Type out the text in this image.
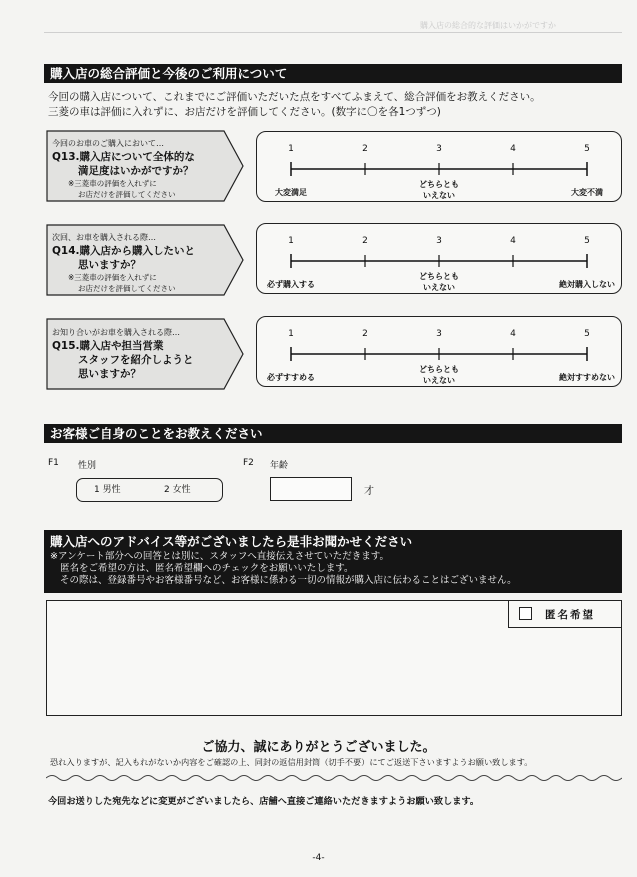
購入店の総合的な評価はいかがですか
購入店の総合評価と今後のご利用について
今回の購入店について、これまでにご評価いただいた点をすべてふまえて、総合評価をお教えください。
三菱の車は評価に入れずに、お店だけを評価してください。(数字に〇を各1つずつ)
今回のお車のご購入において…
Q13.購入店について全体的な
満足度はいかがですか？
※三菱車の評価を入れずに
お店だけを評価してください
1	2	3	4	5
大変満足
どちらとも
いえない	大変不満
次回、お車を購入される際…
Q14.購入店から購入したいと
思いますか？
※三菱車の評価を入れずに
お店だけを評価してください
1	2	3	4	5
必ず購入する
どちらとも
いえない	絶対購入しない
お知り合いがお車を購入される際…
Q15.購入店や担当営業
スタッフを紹介しようと
思いますか？
1	2	3	4	5
必ずすすめる
どちらとも
いえない	絶対すすめない
お客様ご自身のことをお教えください
F1 性別
1 男性	2 女性
F2 年齢
才
購入店へのアドバイス等がございましたら是非お聞かせください
※アンケート部分への回答とは別に、スタッフへ直接伝えさせていただきます。
匿名をご希望の方は、匿名希望欄へのチェックをお願いいたします。
その際は、登録番号やお客様番号など、お客様に係わる一切の情報が購入店に伝わることはございません。
匿名希望
ご協力、誠にありがとうございました。
恐れ入りますが、記入もれがないか内容をご確認の上、同封の返信用封筒（切手不要）にてご返送下さいますようお願い致します。
今回お送りした宛先などに変更がございましたら、店舗へ直接ご連絡いただきますようお願い致します。
-4-
